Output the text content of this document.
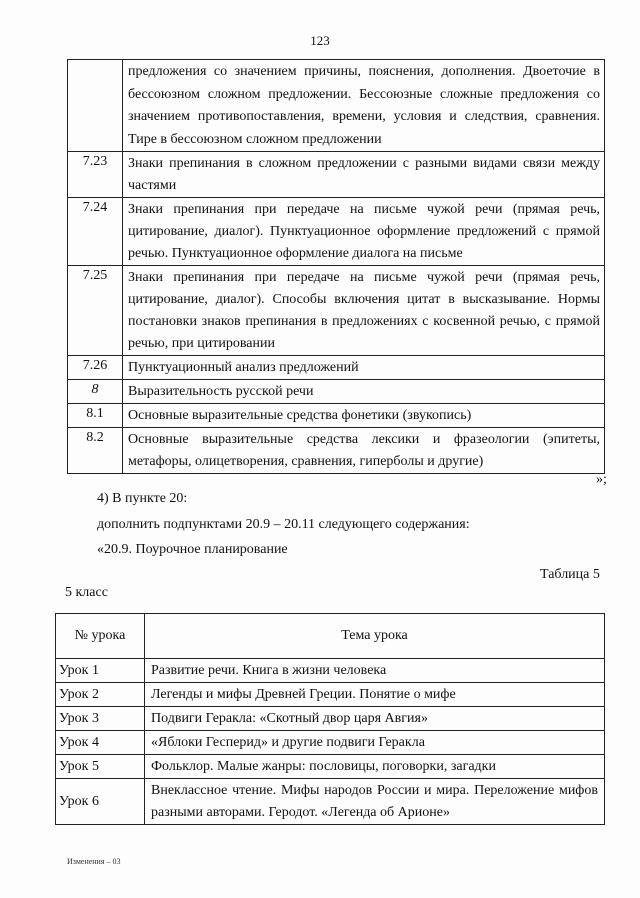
123
	предложения со значением причины, пояснения, дополнения. Двоеточие в бессоюзном сложном предложении. Бессоюзные сложные предложения со значением противопоставления, времени, условия и следствия, сравнения. Тире в бессоюзном сложном предложении
7.23	Знаки препинания в сложном предложении с разными видами связи между частями
7.24	Знаки препинания при передаче на письме чужой речи (прямая речь, цитирование, диалог). Пунктуационное оформление предложений с прямой речью. Пунктуационное оформление диалога на письме
7.25	Знаки препинания при передаче на письме чужой речи (прямая речь, цитирование, диалог). Способы включения цитат в высказывание. Нормы постановки знаков препинания в предложениях с косвенной речью, с прямой речью, при цитировании
7.26	Пунктуационный анализ предложений
8	Выразительность русской речи
8.1	Основные выразительные средства фонетики (звукопись)
8.2	Основные выразительные средства лексики и фразеологии (эпитеты, метафоры, олицетворения, сравнения, гиперболы и другие)
»;
4) В пункте 20:
дополнить подпунктами 20.9 – 20.11 следующего содержания:
«20.9. Поурочное планирование
Таблица 5
5 класс
№ урока	Тема урока
Урок 1	Развитие речи. Книга в жизни человека
Урок 2	Легенды и мифы Древней Греции. Понятие о мифе
Урок 3	Подвиги Геракла: «Скотный двор царя Авгия»
Урок 4	«Яблоки Гесперид» и другие подвиги Геракла
Урок 5	Фольклор. Малые жанры: пословицы, поговорки, загадки
Урок 6	Внеклассное чтение. Мифы народов России и мира. Переложение мифов разными авторами. Геродот. «Легенда об Арионе»
Изменения – 03
